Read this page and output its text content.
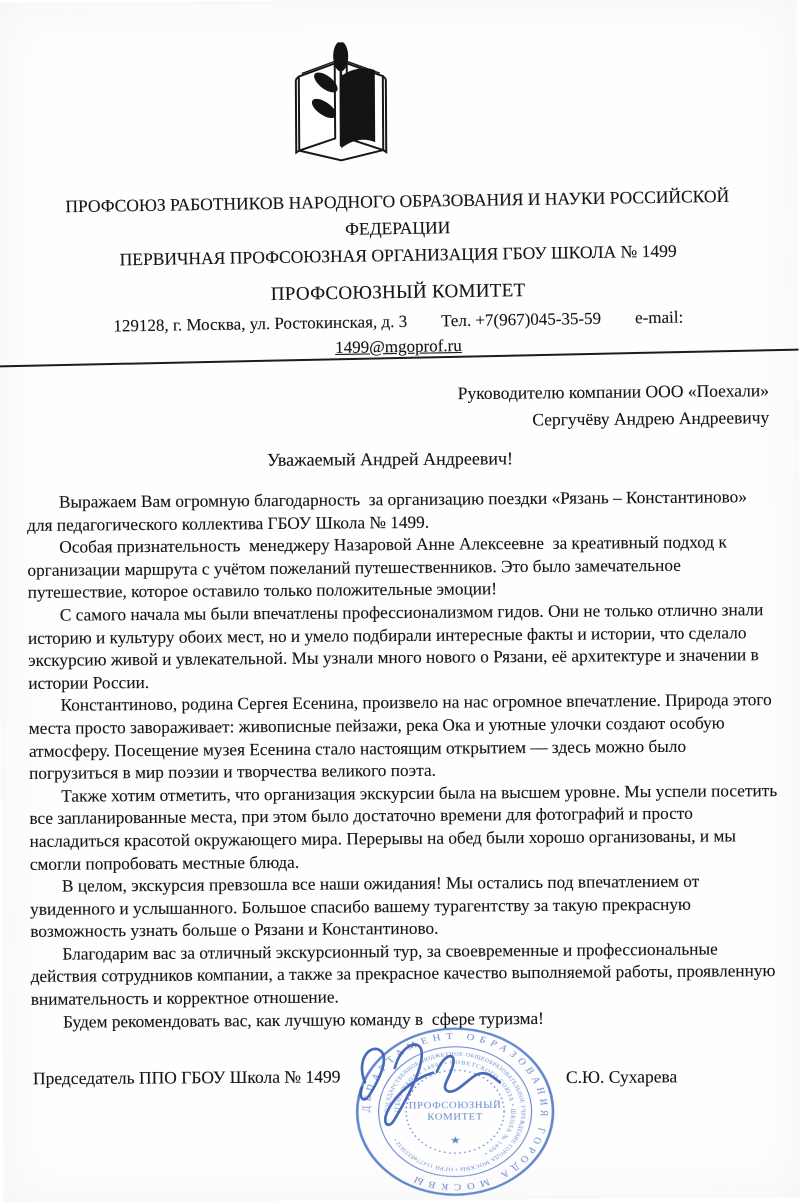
ПРОФСОЮЗ РАБОТНИКОВ НАРОДНОГО ОБРАЗОВАНИЯ И НАУКИ РОССИЙСКОЙ ФЕДЕРАЦИИ
ПЕРВИЧНАЯ ПРОФСОЮЗНАЯ ОРГАНИЗАЦИЯ ГБОУ ШКОЛА № 1499
ПРОФСОЮЗНЫЙ КОМИТЕТ
129128, г. Москва, ул. Ростокинская, д. 3 Тел. +7(967)045-35-59 e-mail:
1499@mgoprof.ru
Руководителю компании ООО «Поехали»
Сергучёву Андрею Андреевичу
Уважаемый Андрей Андреевич!

Выражаем Вам огромную благодарность  за организацию поездки «Рязань – Константиново» для педагогического коллектива ГБОУ Школа № 1499.

Особая признательность  менеджеру Назаровой Анне Алексеевне  за креативный подход к организации маршрута с учётом пожеланий путешественников. Это было замечательное путешествие, которое оставило только положительные эмоции!

С самого начала мы были впечатлены профессионализмом гидов. Они не только отлично знали историю и культуру обоих мест, но и умело подбирали интересные факты и истории, что сделало экскурсию живой и увлекательной. Мы узнали много нового о Рязани, её архитектуре и значении в истории России.

Константиново, родина Сергея Есенина, произвело на нас огромное впечатление. Природа этого места просто завораживает: живописные пейзажи, река Ока и уютные улочки создают особую атмосферу. Посещение музея Есенина стало настоящим открытием — здесь можно было погрузиться в мир поэзии и творчества великого поэта.

Также хотим отметить, что организация экскурсии была на высшем уровне. Мы успели посетить все запланированные места, при этом было достаточно времени для фотографий и просто насладиться красотой окружающего мира. Перерывы на обед были хорошо организованы, и мы смогли попробовать местные блюда.

В целом, экскурсия превзошла все наши ожидания! Мы остались под впечатлением от увиденного и услышанного. Большое спасибо вашему турагентству за такую прекрасную возможность узнать больше о Рязани и Константиново.

Благодарим вас за отличный экскурсионный тур, за своевременные и профессиональные действия сотрудников компании, а также за прекрасное качество выполняемой работы, проявленную внимательность и корректное отношение.

Будем рекомендовать вас, как лучшую команду в  сфере туризма!

Председатель ППО ГБОУ Школа № 1499	С.Ю. Сухарева
ДЕПАРТАМЕНТ ОБРАЗОВАНИЯ ГОРОДА МОСКВЫ
ГОСУДАРСТВЕННОЕ БЮДЖЕТНОЕ ОБЩЕОБРАЗОВАТЕЛЬНОЕ УЧРЕЖДЕНИЕ ГОРОДА МОСКВЫ • ОГРН 1147748335632 •
(ГБОУ ШКОЛА 1499) • СОВЕТСКОГО СОЮЗА • ШКОЛА № 1499 •
ПРОФСОЮЗНЫЙ
КОМИТЕТ
★
